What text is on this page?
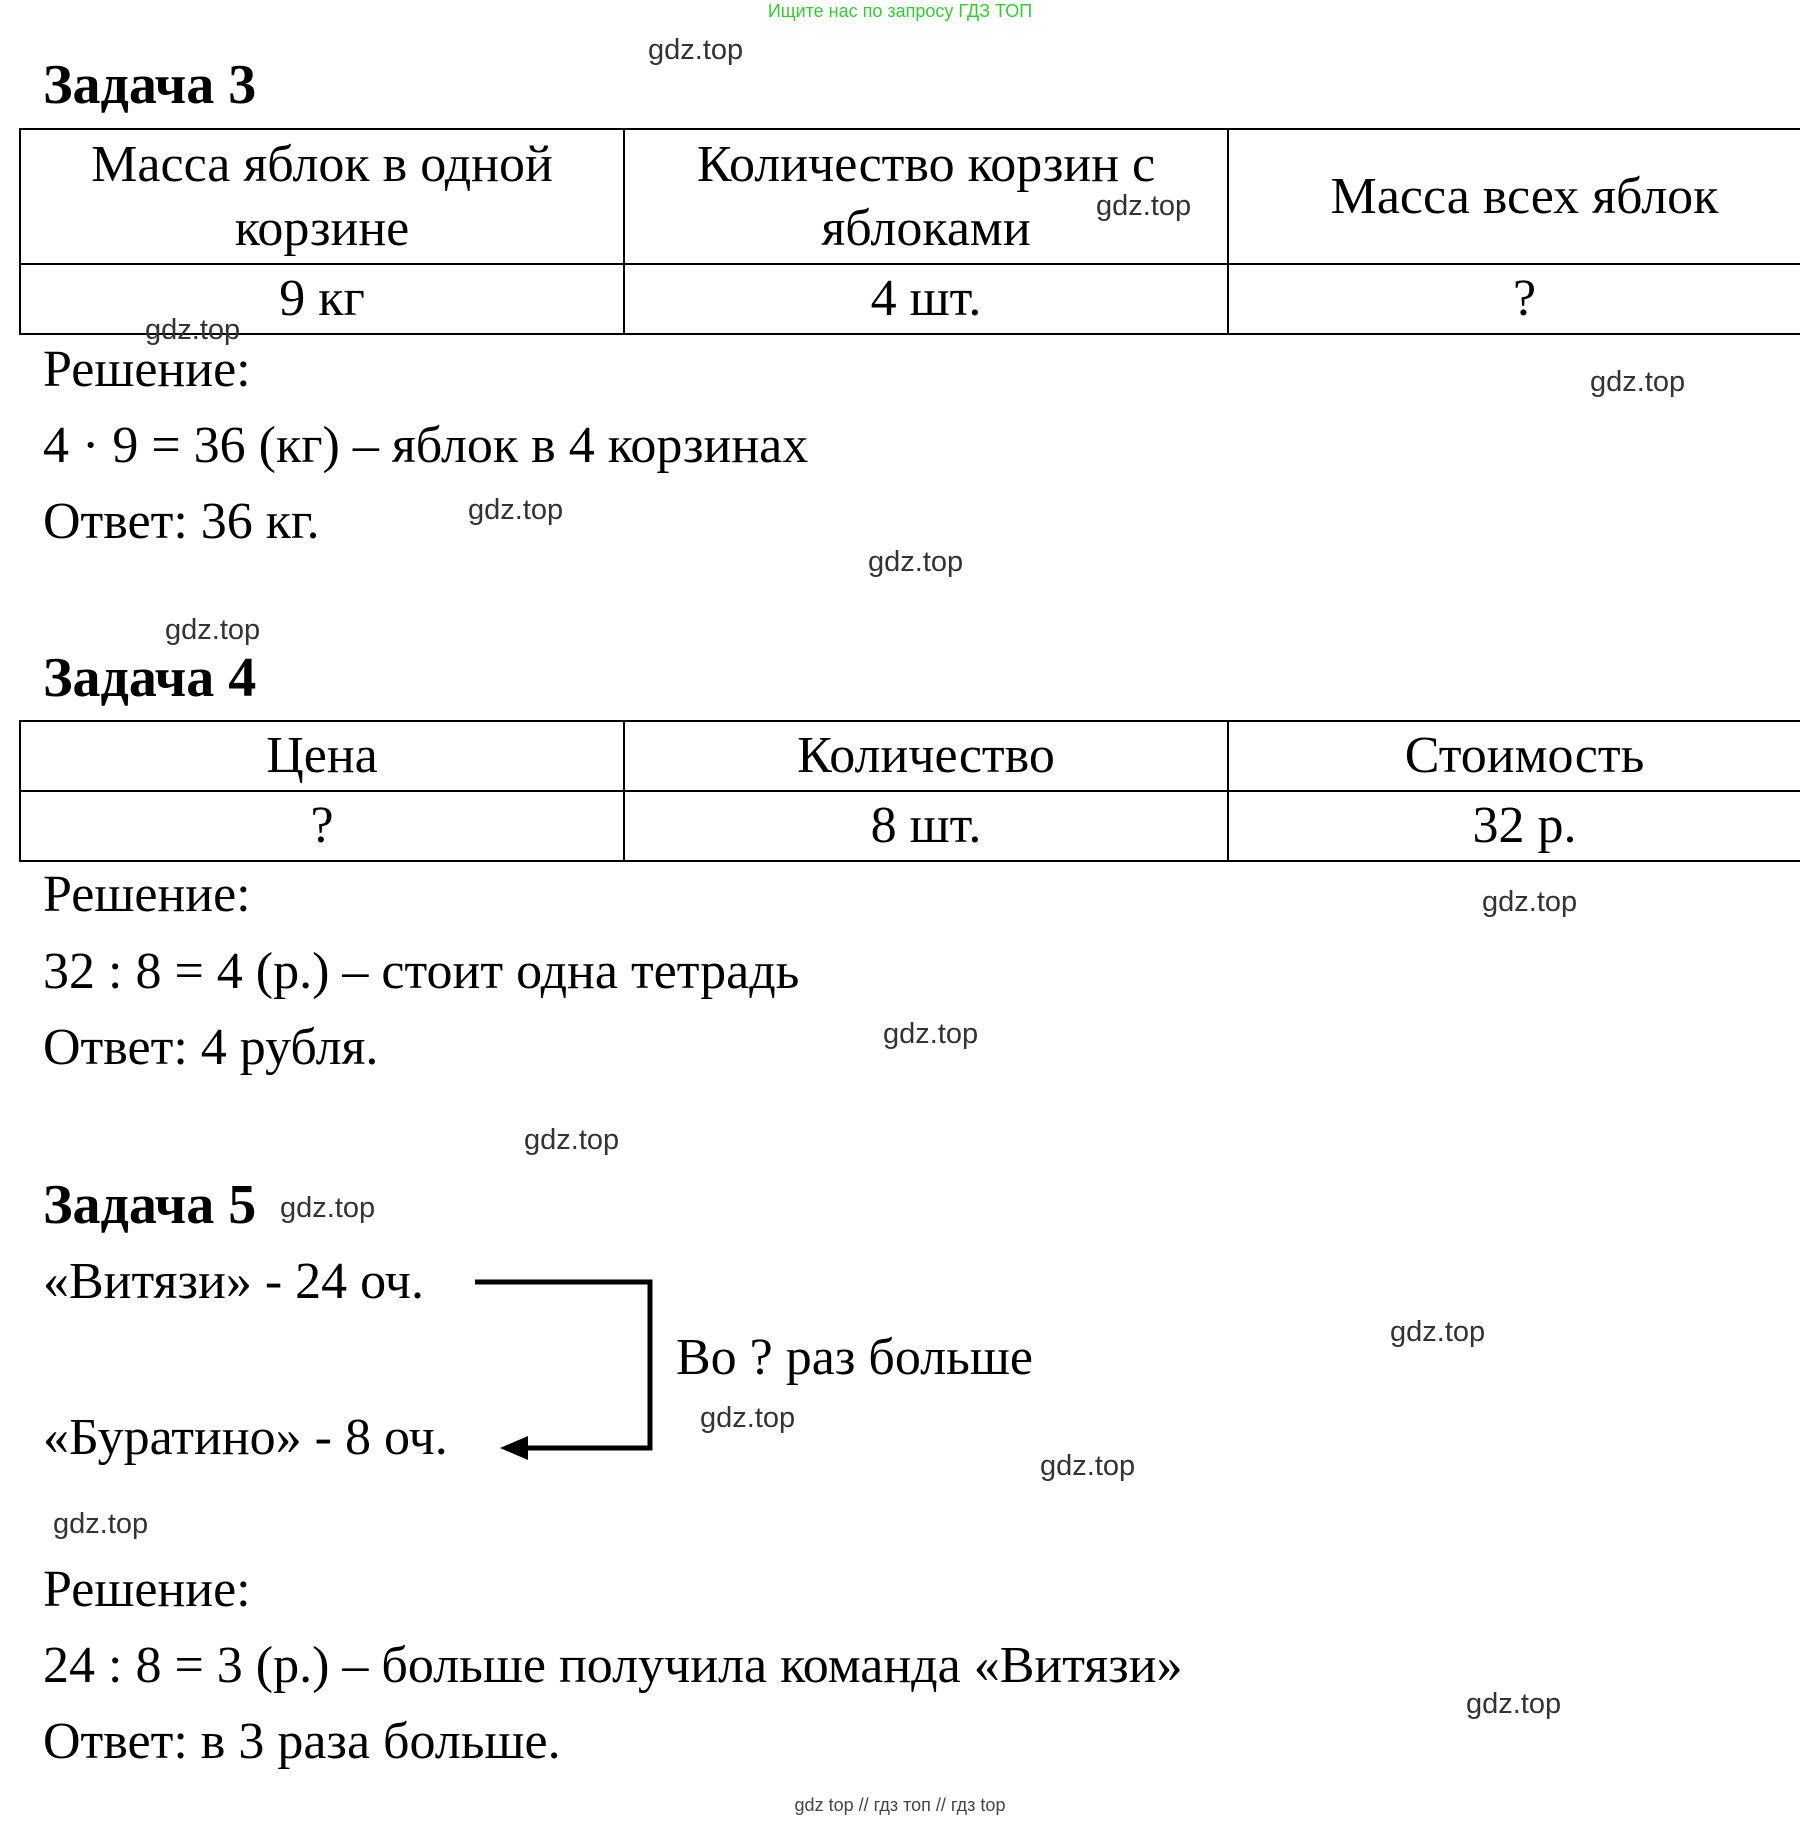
Ищите нас по запросу ГДЗ ТОП
Задача 3
Масса яблок в одной корзине	Количество корзин с яблоками	Масса всех яблок
9 кг	4 шт.	?
Решение:
4 · 9 = 36 (кг) – яблок в 4 корзинах
Ответ: 36 кг.
Задача 4
Цена	Количество	Стоимость
?	8 шт.	32 р.
Решение:
32 : 8 = 4 (р.) – стоит одна тетрадь
Ответ: 4 рубля.
Задача 5
«Витязи» - 24 оч.
«Буратино» - 8 оч.
Во ? раз больше
Решение:
24 : 8 = 3 (р.) – больше получила команда «Витязи»
Ответ: в 3 раза больше.
gdz.top
gdz.top
gdz.top
gdz.top
gdz.top
gdz.top
gdz.top
gdz.top
gdz.top
gdz.top
gdz.top
gdz.top
gdz.top
gdz.top
gdz.top
gdz.top
gdz top // гдз топ // гдз top
